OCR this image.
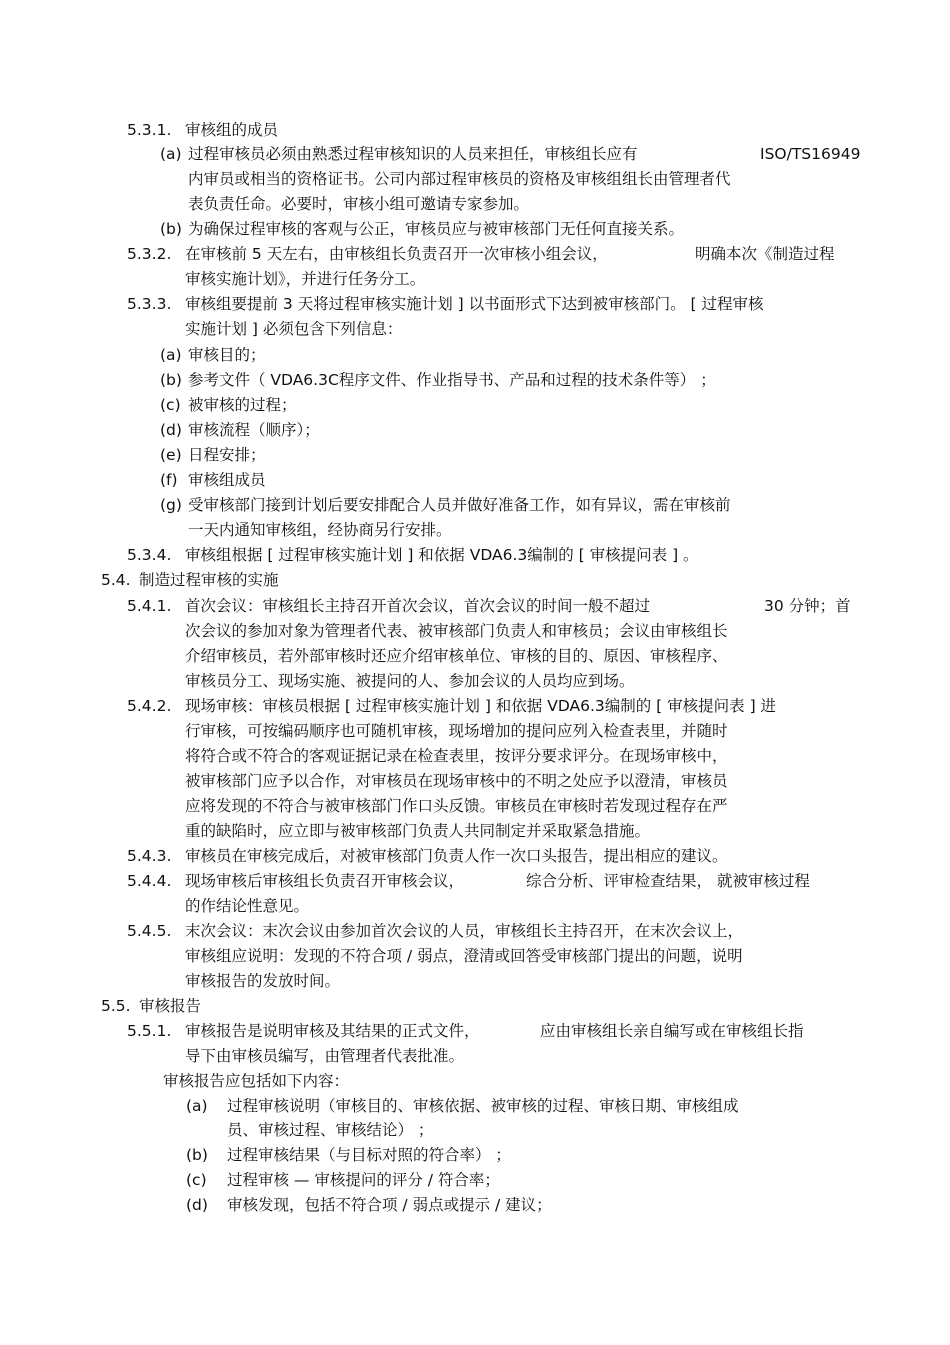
5.3.1. 审核组的成员
(a) 过程审核员必须由熟悉过程审核知识的人员来担任，审核组长应有	ISO/TS16949
内审员或相当的资格证书。公司内部过程审核员的资格及审核组组长由管理者代
表负责任命。必要时，审核小组可邀请专家参加。
(b) 为确保过程审核的客观与公正，审核员应与被审核部门无任何直接关系。
5.3.2. 在审核前 5 天左右，由审核组长负责召开一次审核小组会议，	明确本次《制造过程
审核实施计划》，并进行任务分工。
5.3.3. 审核组要提前 3 天将过程审核实施计划 ] 以书面形式下达到被审核部门。 [ 过程审核
实施计划 ] 必须包含下列信息：
(a) 审核目的；
(b) 参考文件（ VDA6.3C程序文件、作业指导书、产品和过程的技术条件等） ；
(c) 被审核的过程；
(d) 审核流程（顺序）；
(e) 日程安排；
(f) 审核组成员
(g) 受审核部门接到计划后要安排配合人员并做好准备工作，如有异议，需在审核前
一天内通知审核组，经协商另行安排。
5.3.4. 审核组根据 [ 过程审核实施计划 ] 和依据 VDA6.3编制的 [ 审核提问表 ] 。
5.4. 制造过程审核的实施
5.4.1. 首次会议：审核组长主持召开首次会议，首次会议的时间一般不超过	30 分钟；首
次会议的参加对象为管理者代表、被审核部门负责人和审核员；会议由审核组长
介绍审核员，若外部审核时还应介绍审核单位、审核的目的、原因、审核程序、
审核员分工、现场实施、被提问的人、参加会议的人员均应到场。
5.4.2. 现场审核：审核员根据 [ 过程审核实施计划 ] 和依据 VDA6.3编制的 [ 审核提问表 ] 进
行审核，可按编码顺序也可随机审核，现场增加的提问应列入检查表里，并随时
将符合或不符合的客观证据记录在检查表里，按评分要求评分。在现场审核中，
被审核部门应予以合作，对审核员在现场审核中的不明之处应予以澄清，审核员
应将发现的不符合与被审核部门作口头反馈。审核员在审核时若发现过程存在严
重的缺陷时，应立即与被审核部门负责人共同制定并采取紧急措施。
5.4.3. 审核员在审核完成后，对被审核部门负责人作一次口头报告，提出相应的建议。
5.4.4. 现场审核后审核组长负责召开审核会议，	综合分析、评审检查结果， 就被审核过程
的作结论性意见。
5.4.5. 末次会议：末次会议由参加首次会议的人员，审核组长主持召开，在末次会议上，
审核组应说明：发现的不符合项 / 弱点，澄清或回答受审核部门提出的问题，说明
审核报告的发放时间。
5.5. 审核报告
5.5.1. 审核报告是说明审核及其结果的正式文件，	应由审核组长亲自编写或在审核组长指
导下由审核员编写，由管理者代表批准。
审核报告应包括如下内容：
(a) 过程审核说明（审核目的、审核依据、被审核的过程、审核日期、审核组成
员、审核过程、审核结论） ；
(b) 过程审核结果（与目标对照的符合率） ；
(c) 过程审核 — 审核提问的评分 / 符合率；
(d) 审核发现，包括不符合项 / 弱点或提示 / 建议；
